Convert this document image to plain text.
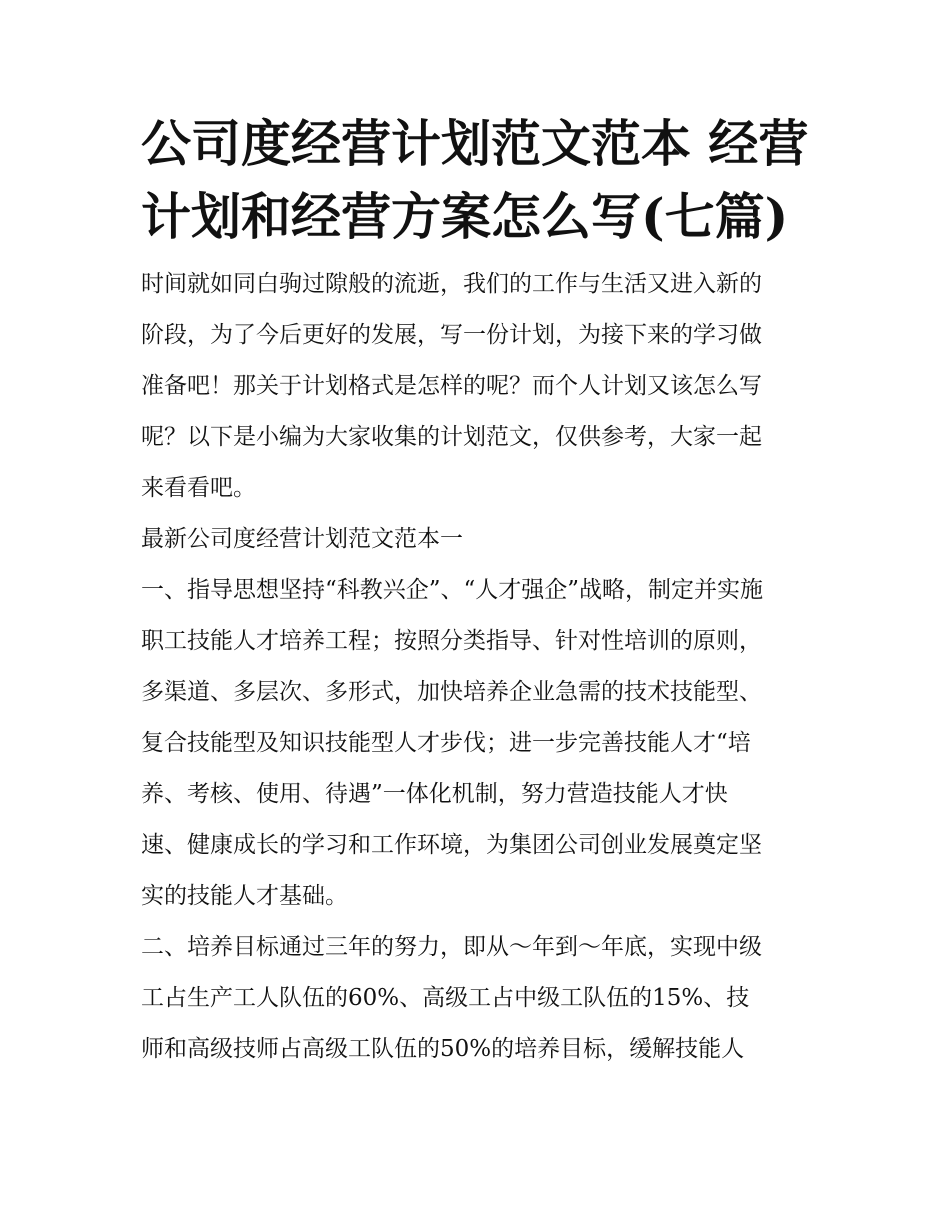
公司度经营计划范文范本 经营
计划和经营方案怎么写(七篇)

时间就如同白驹过隙般的流逝，我们的工作与生活又进入新的

阶段，为了今后更好的发展，写一份计划，为接下来的学习做

准备吧！那关于计划格式是怎样的呢？而个人计划又该怎么写

呢？以下是小编为大家收集的计划范文，仅供参考，大家一起

来看看吧。

最新公司度经营计划范文范本一

一、指导思想坚持“科教兴企”、“人才强企”战略，制定并实施

职工技能人才培养工程；按照分类指导、针对性培训的原则，

多渠道、多层次、多形式，加快培养企业急需的技术技能型、

复合技能型及知识技能型人才步伐；进一步完善技能人才“培

养、考核、使用、待遇”一体化机制，努力营造技能人才快

速、健康成长的学习和工作环境，为集团公司创业发展奠定坚

实的技能人才基础。

二、培养目标通过三年的努力，即从～年到～年底，实现中级

工占生产工人队伍的60%、高级工占中级工队伍的15%、技

师和高级技师占高级工队伍的50%的培养目标，缓解技能人
